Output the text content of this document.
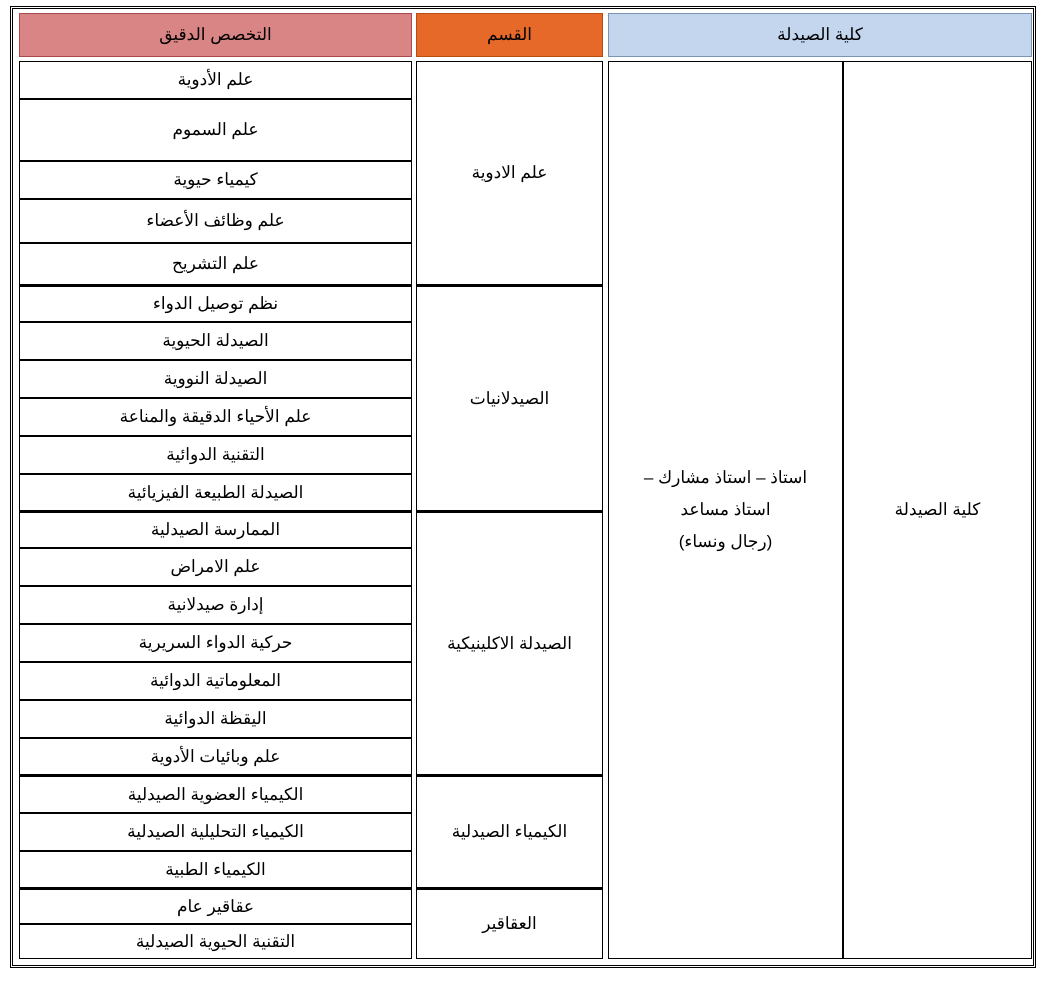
التخصص الدقيق	القسم	كلية الصيدلة
كلية الصيدلة
استاذ – استاذ مشارك –
استاذ مساعد
(رجال ونساء)
علم الادوية
علم الأدوية
علم السموم
كيمياء حيوية
علم وظائف الأعضاء
علم التشريح
الصيدلانيات
نظم توصيل الدواء
الصيدلة الحيوية
الصيدلة النووية
علم الأحياء الدقيقة والمناعة
التقنية الدوائية
الصيدلة الطبيعة الفيزيائية
الصيدلة الاكلينيكية
الممارسة الصيدلية
علم الامراض
إدارة صيدلانية
حركية الدواء السريرية
المعلوماتية الدوائية
اليقظة الدوائية
علم وبائيات الأدوية
الكيمياء الصيدلية
الكيمياء العضوية الصيدلية
الكيمياء التحليلية الصيدلية
الكيمياء الطبية
العقاقير
عقاقير عام
التقنية الحيوية الصيدلية
